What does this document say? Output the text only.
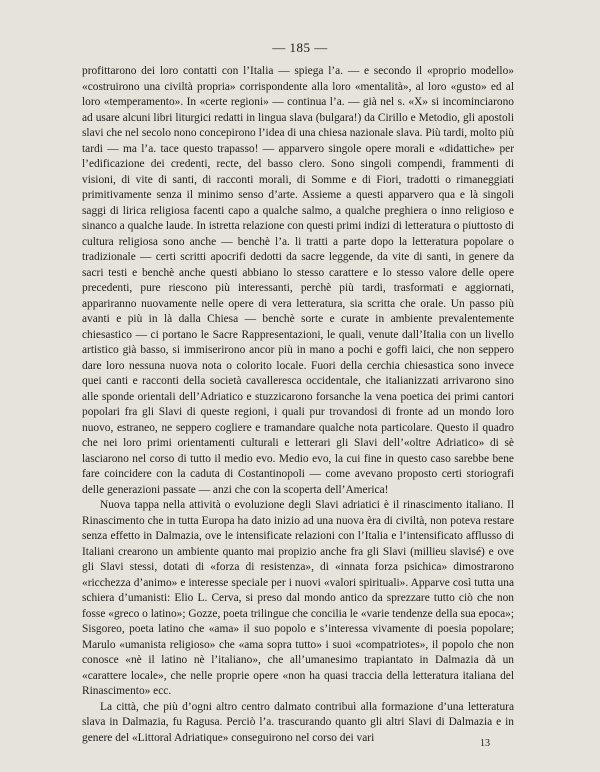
— 185 —

profittarono dei loro contatti con l’Italia — spiega l’a. — e secondo il «proprio modello» «costruirono una civiltà propria» corrispondente alla loro «mentalità», al loro «gusto» ed al loro «temperamento». In «certe regioni» — continua l’a. — già nel s. «X» si incominciarono ad usare alcuni libri liturgici redatti in lingua slava (bulgara!) da Cirillo e Metodio, gli apostoli slavi che nel secolo nono concepirono l’idea di una chiesa nazionale slava. Più tardi, molto più tardi — ma l’a. tace questo trapasso! — apparvero singole opere morali e «didattiche» per l’edificazione dei credenti, recte, del basso clero. Sono singoli compendi, frammenti di visioni, di vite di santi, di racconti morali, di Somme e di Fiori, tradotti o rimaneggiati primitivamente senza il minimo senso d’arte. Assieme a questi apparvero qua e là singoli saggi di lirica religiosa facenti capo a qualche salmo, a qualche preghiera o inno religioso e sinanco a qualche laude. In istretta relazione con questi primi indizi di letteratura o piuttosto di cultura religiosa sono anche — benchè l’a. li tratti a parte dopo la letteratura popolare o tradizionale — certi scritti apocrifi dedotti da sacre leggende, da vite di santi, in genere da sacri testi e benchè anche questi abbiano lo stesso carattere e lo stesso valore delle opere precedenti, pure riescono più interessanti, perchè più tardi, trasformati e aggiornati, appariranno nuovamente nelle opere di vera letteratura, sia scritta che orale. Un passo più avanti e più in là dalla Chiesa — benchè sorte e curate in ambiente prevalentemente chiesastico — ci portano le Sacre Rappresentazioni, le quali, venute dall’Italia con un livello artistico già basso, si immiserirono ancor più in mano a pochi e goffi laici, che non seppero dare loro nessuna nuova nota o colorito locale. Fuori della cerchia chiesastica sono invece quei canti e racconti della società cavalleresca occidentale, che italianizzati arrivarono sino alle sponde orientali dell’Adriatico e stuzzicarono forsanche la vena poetica dei primi cantori popolari fra gli Slavi di queste regioni, i quali pur trovandosi di fronte ad un mondo loro nuovo, estraneo, ne seppero cogliere e tramandare qualche nota particolare. Questo il quadro che nei loro primi orientamenti culturali e letterari gli Slavi dell’«oltre Adriatico» di sè lasciarono nel corso di tutto il medio evo. Medio evo, la cui fine in questo caso sarebbe bene fare coincidere con la caduta di Costantinopoli — come avevano proposto certi storiografi delle generazioni passate — anzi che con la scoperta dell’America!

Nuova tappa nella attività o evoluzione degli Slavi adriatici è il rinascimento italiano. Il Rinascimento che in tutta Europa ha dato inizio ad una nuova èra di civiltà, non poteva restare senza effetto in Dalmazia, ove le intensificate relazioni con l’Italia e l’intensificato afflusso di Italiani crearono un ambiente quanto mai propizio anche fra gli Slavi (millieu slavisé) e ove gli Slavi stessi, dotati di «forza di resistenza», di «innata forza psichica» dimostrarono «ricchezza d’animo» e interesse speciale per i nuovi «valori spirituali». Apparve così tutta una schiera d’umanisti: Elio L. Cerva, si preso dal mondo antico da sprezzare tutto ciò che non fosse «greco o latino»; Gozze, poeta trilingue che concilia le «varie tendenze della sua epoca»; Sisgoreo, poeta latino che «ama» il suo popolo e s’interessa vivamente di poesia popolare; Marulo «umanista religioso» che «ama sopra tutto» i suoi «compatriotes», il popolo che non conosce «nè il latino nè l’italiano», che all’umanesimo trapiantato in Dalmazia dà un «carattere locale», che nelle proprie opere «non ha quasi traccia della letteratura italiana del Rinascimento» ecc.

La città, che più d’ogni altro centro dalmato contribuì alla formazione d’una letteratura slava in Dalmazia, fu Ragusa. Perciò l’a. trascurando quanto gli altri Slavi di Dalmazia e in genere del «Littoral Adriatique» conseguirono nel corso dei vari	13
